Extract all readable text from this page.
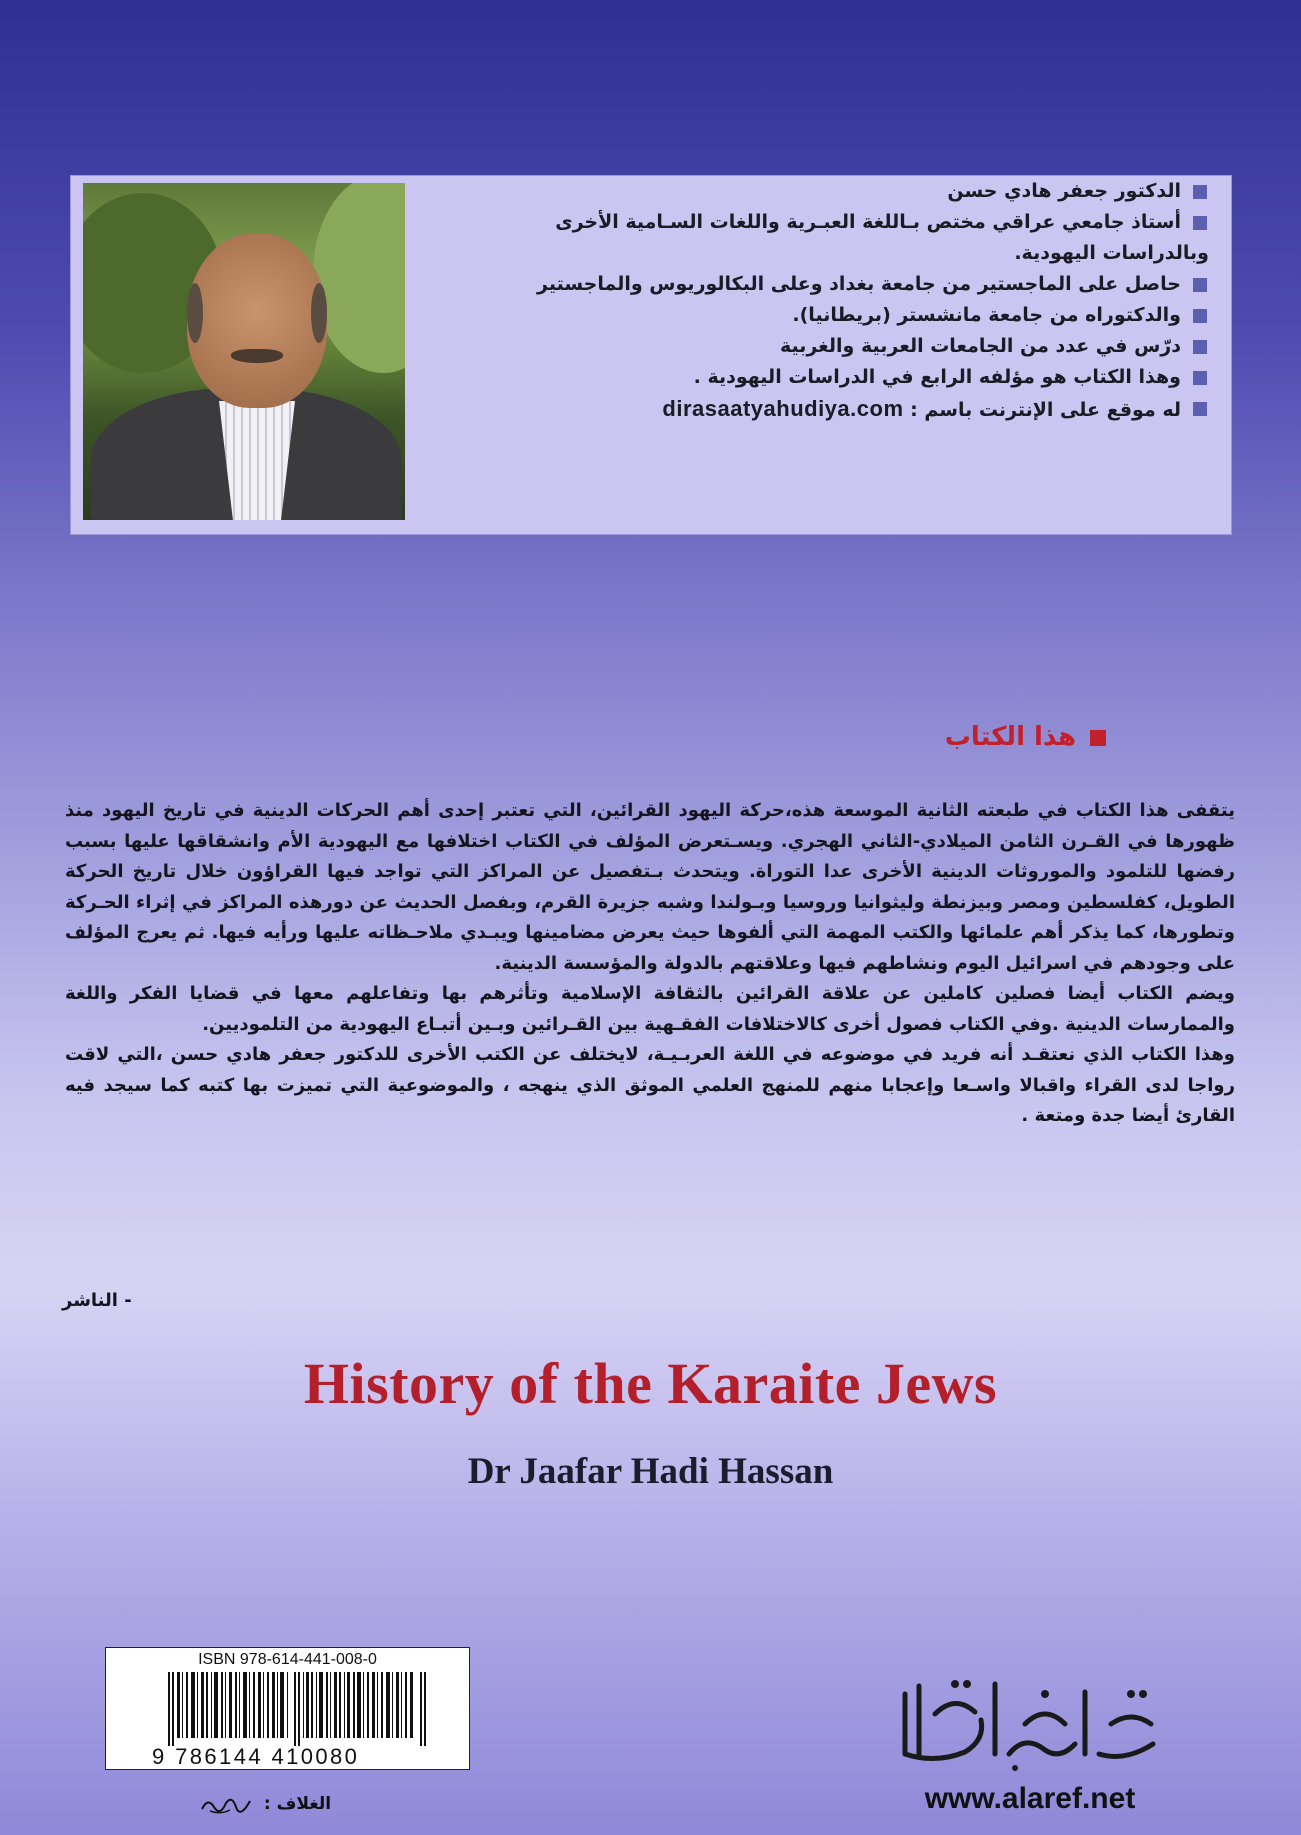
الدكتور جعفر هادي حسن
أستاذ جامعي عراقي مختص بـاللغة العبـرية واللغات السـامية الأخرى
وبالدراسات اليهودية.
حاصل على الماجستير من جامعة بغداد وعلى البكالوريوس والماجستير
والدكتوراه من جامعة مانشستر (بريطانيا).
درّس في عدد من الجامعات العربية والغربية
وهذا الكتاب هو مؤلفه الرابع في الدراسات اليهودية .
له موقع على الإنترنت باسم : dirasaatyahudiya.com
هذا الكتاب

يتقفى هذا الكتاب في طبعته الثانية الموسعة هذه،حركة اليهود القرائين، التي تعتبر إحدى أهم الحركات الدينية في تاريخ اليهود منذ ظهورها في القـرن الثامن الميلادي-الثاني الهجري. ويسـتعرض المؤلف في الكتاب اختلافها مع اليهودية الأم وانشقاقها عليها بسبب رفضها للتلمود والموروثات الدينية الأخرى عدا التوراة. ويتحدث بـتفصيل عن المراكز التي تواجد فيها القراؤون خلال تاريخ الحركة الطويل، كفلسطين ومصر وبيزنطة وليثوانيا وروسيا وبـولندا وشبه جزيرة القرم، وبفصل الحديث عن دورهذه المراكز في إثراء الحـركة وتطورها، كما يذكر أهم علمائها والكتب المهمة التي ألفوها حيث يعرض مضامينها ويبـدي ملاحـظاته عليها ورأيه فيها. ثم يعرج المؤلف على وجودهم في اسرائيل اليوم ونشاطهم فيها وعلاقتهم بالدولة والمؤسسة الدينية.

ويضم الكتاب أيضا فصلين كاملين عن علاقة القرائين بالثقافة الإسلامية وتأثرهم بها وتفاعلهم معها في قضايا الفكر واللغة والممارسات الدينية .وفي الكتاب فصول أخرى كالاختلافات الفقـهية بين القـرائين وبـين أتبـاع اليهودية من التلموديين.

وهذا الكتاب الذي نعتقـد أنه فريد في موضوعه في اللغة العربـيـة، لايختلف عن الكتب الأخرى للدكتور جعفر هادي حسن ،التي لاقت رواجا لدى القراء واقبالا واسـعا وإعجابا منهم للمنهج العلمي الموثق الذي ينهجه ، والموضوعية التي تميزت بها كتبه كما سيجد فيه القارئ أيضا جدة ومتعة .

- الناشر
History of the Karaite Jews
Dr Jaafar Hadi Hassan
ISBN 978-614-441-008-0
9 786144 410080
الغلاف :	www.alaref.net
